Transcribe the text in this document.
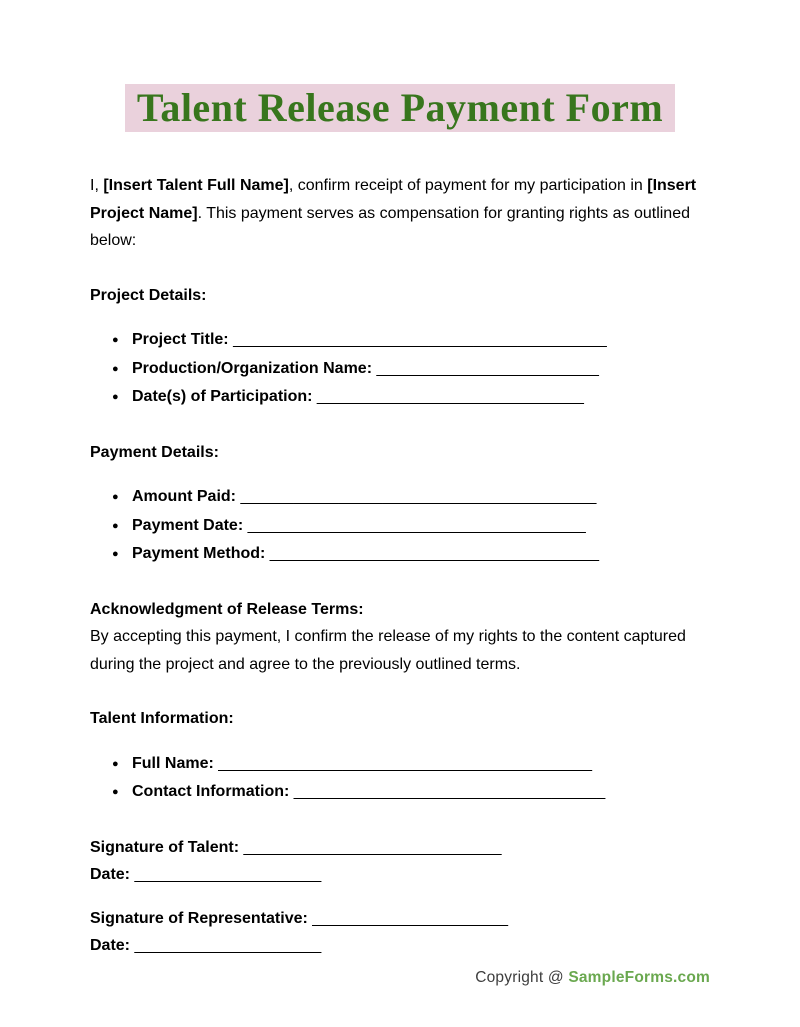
Talent Release Payment Form

I, [Insert Talent Full Name], confirm receipt of payment for my participation in [Insert Project Name]. This payment serves as compensation for granting rights as outlined below:

Project Details:
● Project Title: __________________________________________
● Production/Organization Name: _________________________
● Date(s) of Participation: ______________________________
Payment Details:
● Amount Paid: ________________________________________
● Payment Date: ______________________________________
● Payment Method: _____________________________________
Acknowledgment of Release Terms:

By accepting this payment, I confirm the release of my rights to the content captured during the project and agree to the previously outlined terms.

Talent Information:
● Full Name: __________________________________________
● Contact Information: ___________________________________

Signature of Talent: _____________________________

Date: _____________________

Signature of Representative: ______________________

Date: _____________________

Copyright @ SampleForms.com
